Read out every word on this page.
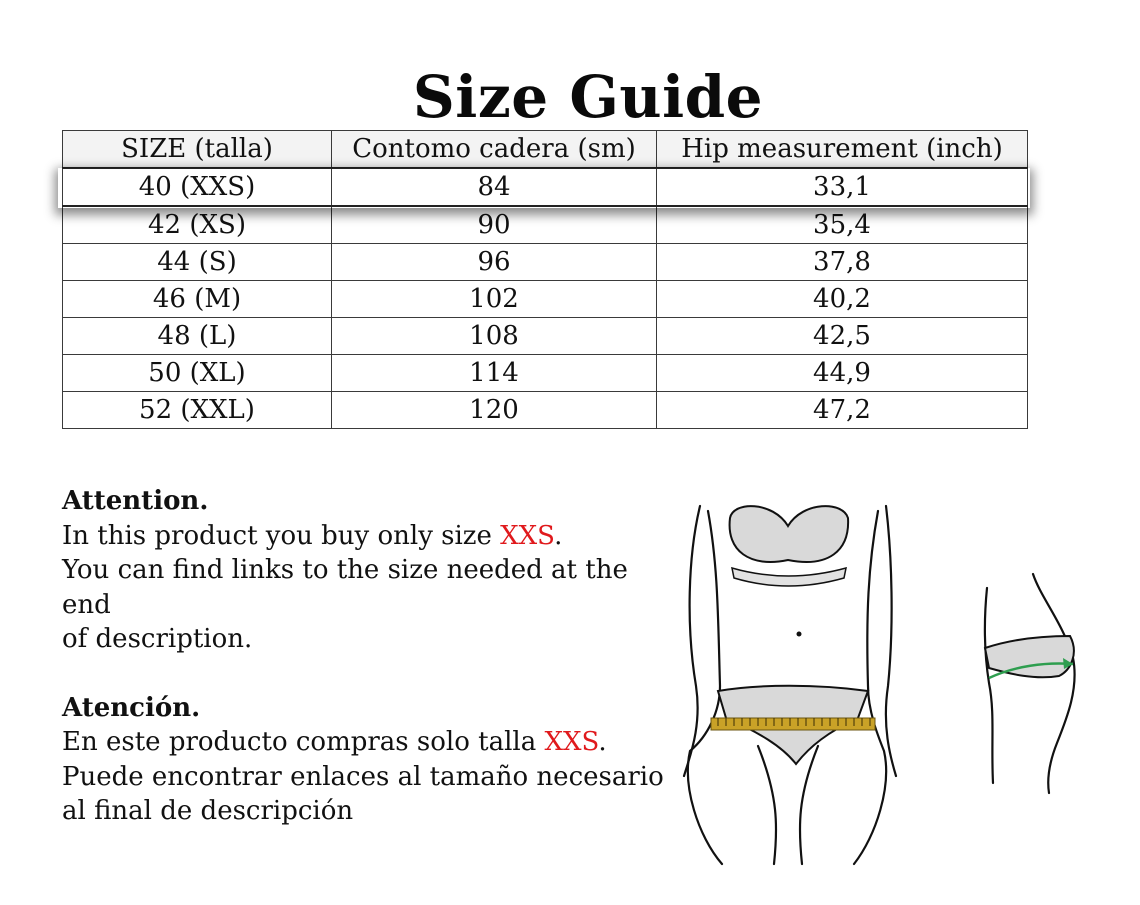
Size Guide
SIZE (talla)	Contomo cadera (sm)	Hip measurement (inch)
40 (XXS)	84	33,1
42 (XS)	90	35,4
44 (S)	96	37,8
46 (M)	102	40,2
48 (L)	108	42,5
50 (XL)	114	44,9
52 (XXL)	120	47,2

Attention.

In this product you buy only size XXS.

You can find links to the size needed at the end

of description.

Atención.

En este producto compras solo talla XXS.

Puede encontrar enlaces al tamaño necesario

al final de descripción
